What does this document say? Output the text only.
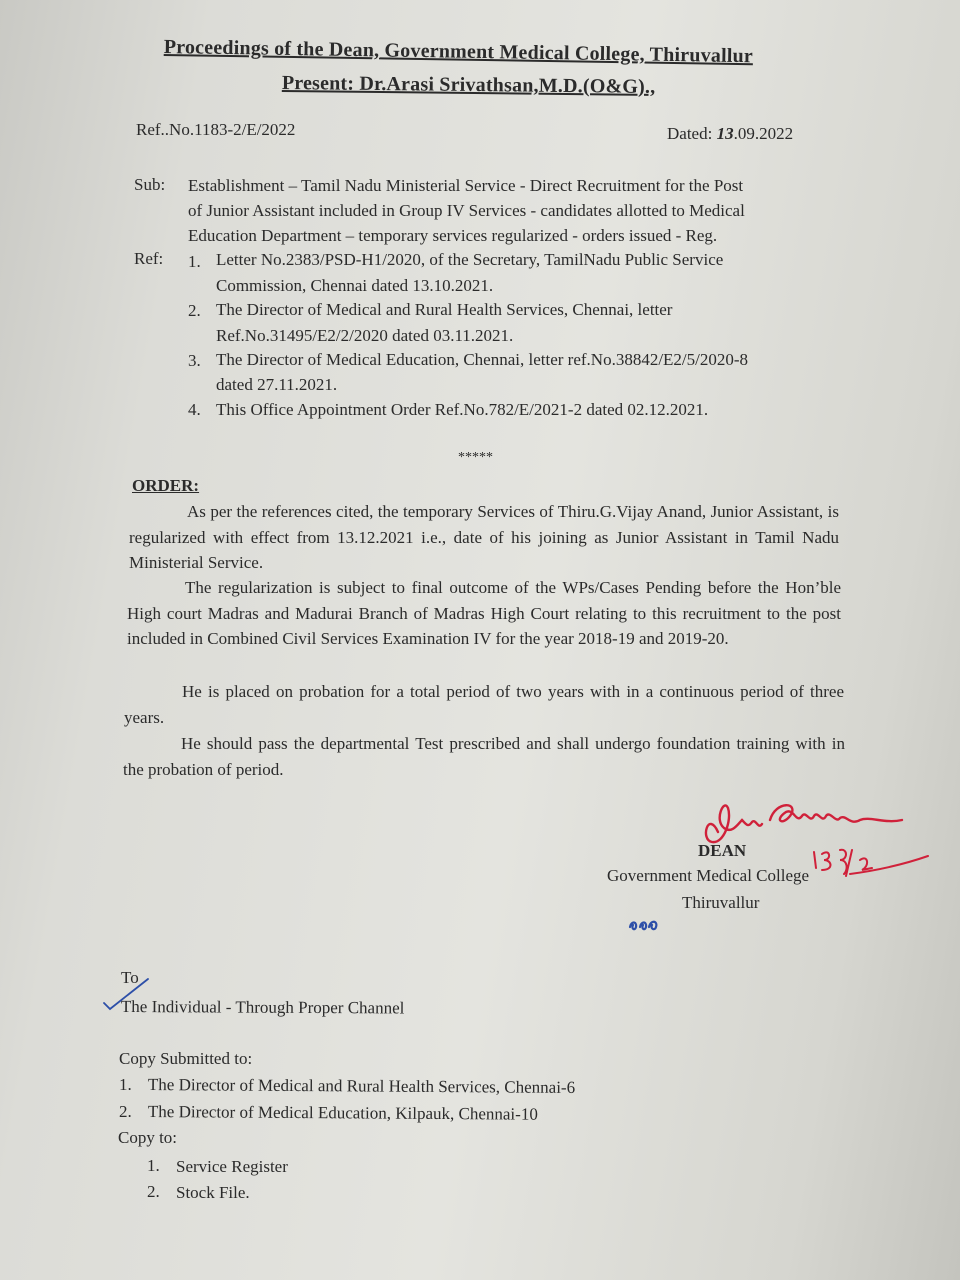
Proceedings of the Dean, Government Medical College, Thiruvallur
Present: Dr.Arasi Srivathsan,M.D.(O&G).,
Ref..No.1183-2/E/2022	Dated: 13.09.2022
Sub: Establishment – Tamil Nadu Ministerial Service - Direct Recruitment for the Post
of Junior Assistant included in Group IV Services - candidates allotted to Medical
Education Department – temporary services regularized - orders issued - Reg.
Ref: 1. Letter No.2383/PSD-H1/2020, of the Secretary, TamilNadu Public Service
Commission, Chennai dated 13.10.2021.
2. The Director of Medical and Rural Health Services, Chennai, letter
Ref.No.31495/E2/2/2020 dated 03.11.2021.
3. The Director of Medical Education, Chennai, letter ref.No.38842/E2/5/2020-8
dated 27.11.2021.
4. This Office Appointment Order Ref.No.782/E/2021-2 dated 02.12.2021.
*****
ORDER:
As per the references cited, the temporary Services of Thiru.G.Vijay Anand, Junior Assistant, is regularized with effect from 13.12.2021 i.e., date of his joining as Junior Assistant in Tamil Nadu Ministerial Service.
The regularization is subject to final outcome of the WPs/Cases Pending before the Hon’ble High court Madras and Madurai Branch of Madras High Court relating to this recruitment to the post included in Combined Civil Services Examination IV for the year 2018-19 and 2019-20.
He is placed on probation for a total period of two years with in a continuous period of three years.
He should pass the departmental Test prescribed and shall undergo foundation training with in the probation of period.
DEAN
Government Medical College
Thiruvallur
To
The Individual - Through Proper Channel
Copy Submitted to:
1. The Director of Medical and Rural Health Services, Chennai-6
2. The Director of Medical Education, Kilpauk, Chennai-10
Copy to:
1. Service Register
2. Stock File.
